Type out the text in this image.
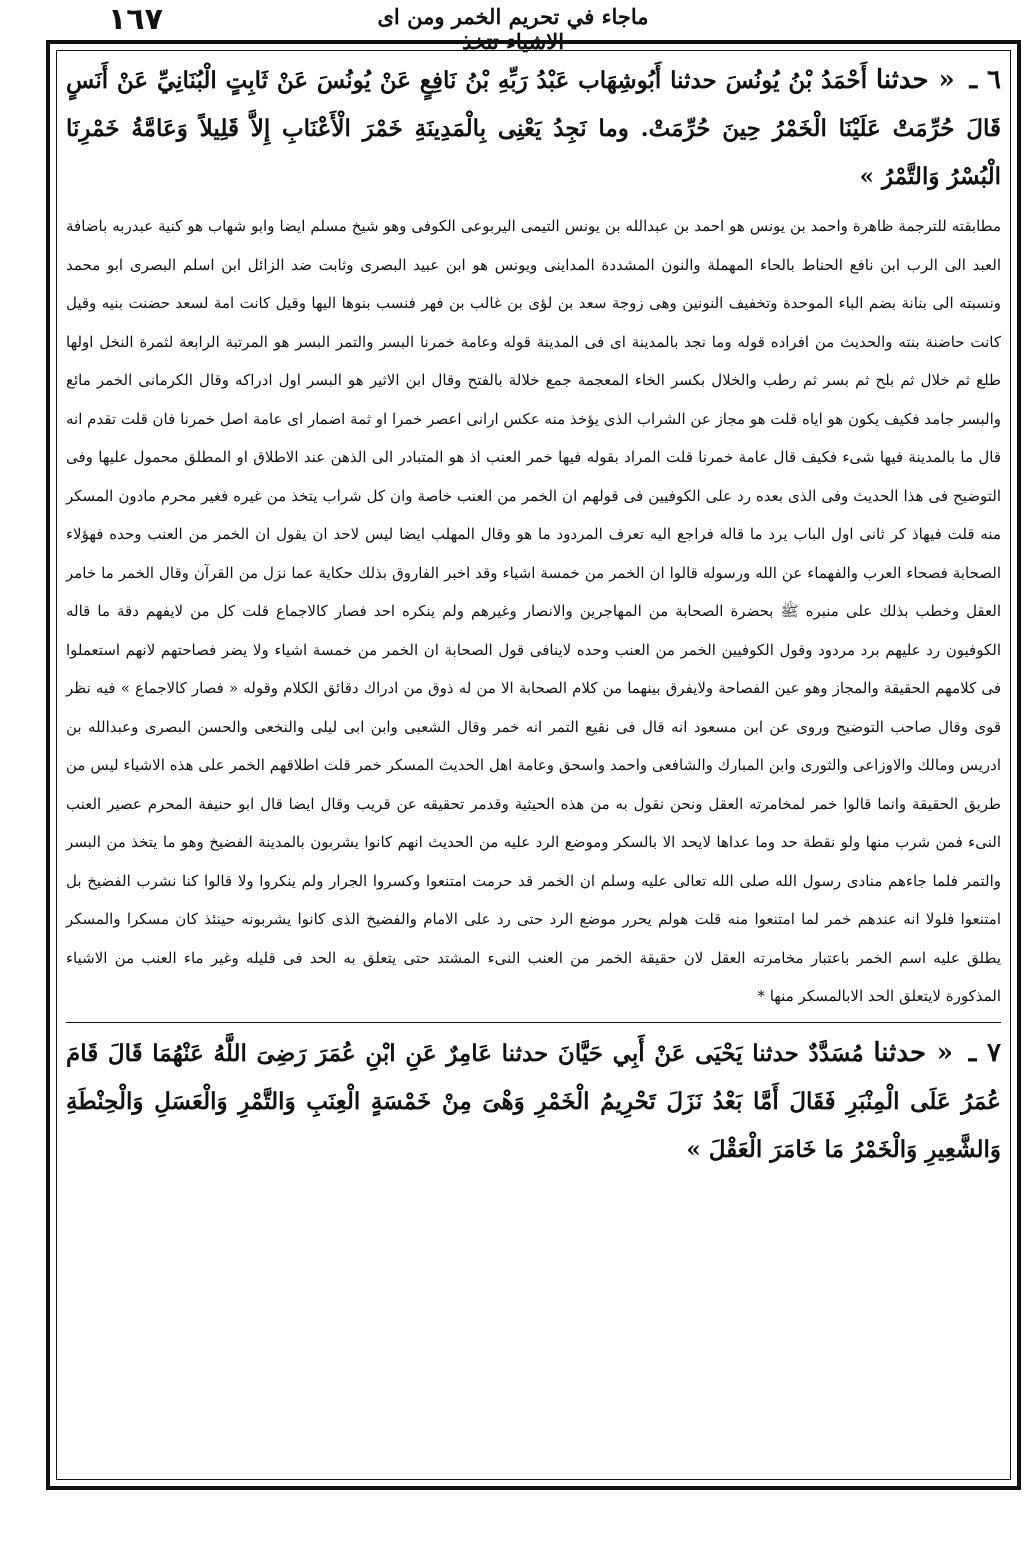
١٦٧	ماجاء في تحريم الخمر ومن اى الاشياء تتخذ

٦ ـ « حدثنا أَحْمَدُ بْنُ يُونُسَ حدثنا أَبُوشِهَاب عَبْدُ رَبِّهِ بْنُ نَافِعٍ عَنْ يُونُسَ عَنْ ثَابِتٍ الْبُنَانِيِّ عَنْ أَنَسٍ قَالَ حُرِّمَتْ عَلَيْنَا الْخَمْرُ حِينَ حُرِّمَتْ. وما نَجِدُ يَعْنِى بِالْمَدِينَةِ خَمْرَ الْأَعْنَابِ إِلاَّ قَلِيلاً وَعَامَّةُ خَمْرِنَا الْبُسْرُ وَالتَّمْرُ »

مطابقته للترجمة ظاهرة واحمد بن يونس هو احمد بن عبدالله بن يونس التيمى اليربوعى الكوفى وهو شيخ مسلم ايضا وابو شهاب هو كنية عبدربه باضافة العبد الى الرب ابن نافع الحناط بالحاء المهملة والنون المشددة المداينى ويونس هو ابن عبيد البصرى وثابت ضد الزائل ابن اسلم البصرى ابو محمد ونسبته الى بنانة بضم الباء الموحدة وتخفيف النونين وهى زوجة سعد بن لؤى بن غالب بن فهر فنسب بنوها اليها وقيل كانت امة لسعد حضنت بنيه وقيل كانت حاضنة بنته والحديث من افراده قوله وما نجد بالمدينة اى فى المدينة قوله وعامة خمرنا البسر والتمر البسر هو المرتبة الرابعة لثمرة النخل اولها طلع ثم خلال ثم بلح ثم بسر ثم رطب والخلال بكسر الخاء المعجمة جمع خلالة بالفتح وقال ابن الاثير هو البسر اول ادراكه وقال الكرمانى الخمر مائع والبسر جامد فكيف يكون هو اياه قلت هو مجاز عن الشراب الذى يؤخذ منه عكس ارانى اعصر خمرا او ثمة اضمار اى عامة اصل خمرنا فان قلت تقدم انه قال ما بالمدينة فيها شىء فكيف قال عامة خمرنا قلت المراد بقوله فيها خمر العنب اذ هو المتبادر الى الذهن عند الاطلاق او المطلق محمول عليها وفى التوضيح فى هذا الحديث وفى الذى بعده رد على الكوفيين فى قولهم ان الخمر من العنب خاصة وان كل شراب يتخذ من غيره فغير محرم مادون المسكر منه قلت فيهاذ كر ثانى اول الباب يرد ما قاله فراجع اليه تعرف المردود ما هو وقال المهلب ايضا ليس لاحد ان يقول ان الخمر من العنب وحده فهؤلاء الصحابة فصحاء العرب والفهماء عن الله ورسوله قالوا ان الخمر من خمسة اشياء وقد اخبر الفاروق بذلك حكاية عما نزل من القرآن وقال الخمر ما خامر العقل وخطب بذلك على منبره ﷺ بحضرة الصحابة من المهاجرين والانصار وغيرهم ولم ينكره احد فصار كالاجماع قلت كل من لايفهم دقة ما قاله الكوفيون رد عليهم برد مردود وقول الكوفيين الخمر من العنب وحده لاينافى قول الصحابة ان الخمر من خمسة اشياء ولا يضر فصاحتهم لانهم استعملوا فى كلامهم الحقيقة والمجاز وهو عين الفصاحة ولايفرق بينهما من كلام الصحابة الا من له ذوق من ادراك دقائق الكلام وقوله « فصار كالاجماع » فيه نظر قوى وقال صاحب التوضيح وروى عن ابن مسعود انه قال فى نقيع التمر انه خمر وقال الشعبى وابن ابى ليلى والنخعى والحسن البصرى وعبدالله بن ادريس ومالك والاوزاعى والثورى وابن المبارك والشافعى واحمد واسحق وعامة اهل الحديث المسكر خمر قلت اطلاقهم الخمر على هذه الاشياء ليس من طريق الحقيقة وانما قالوا خمر لمخامرته العقل ونحن نقول به من هذه الحيثية وقدمر تحقيقه عن قريب وقال ايضا قال ابو حنيفة المحرم عصير العنب النىء فمن شرب منها ولو نقطة حد وما عداها لايحد الا بالسكر وموضع الرد عليه من الحديث انهم كانوا يشربون بالمدينة الفضيخ وهو ما يتخذ من البسر والتمر فلما جاءهم منادى رسول الله صلى الله تعالى عليه وسلم ان الخمر قد حرمت امتنعوا وكسروا الجرار ولم ينكروا ولا قالوا كنا نشرب الفضيخ بل امتنعوا فلولا انه عندهم خمر لما امتنعوا منه قلت هولم يحرر موضع الرد حتى رد على الامام والفضيخ الذى كانوا يشربونه حينئذ كان مسكرا والمسكر يطلق عليه اسم الخمر باعتبار مخامرته العقل لان حقيقة الخمر من العنب النىء المشتد حتى يتعلق به الحد فى قليله وغير ماء العنب من الاشياء المذكورة لايتعلق الحد الابالمسكر منها *

٧ ـ « حدثنا مُسَدَّدٌ حدثنا يَحْيَى عَنْ أَبِي حَيَّانَ حدثنا عَامِرٌ عَنِ ابْنِ عُمَرَ رَضِىَ اللَّهُ عَنْهُمَا قَالَ قَامَ عُمَرُ عَلَى الْمِنْبَرِ فَقَالَ أَمَّا بَعْدُ نَزَلَ تَحْرِيمُ الْخَمْرِ وَهْىَ مِنْ خَمْسَةٍ الْعِنَبِ وَالتَّمْرِ وَالْعَسَلِ وَالْحِنْطَةِ وَالشَّعِيرِ وَالْخَمْرُ مَا خَامَرَ الْعَقْلَ »
